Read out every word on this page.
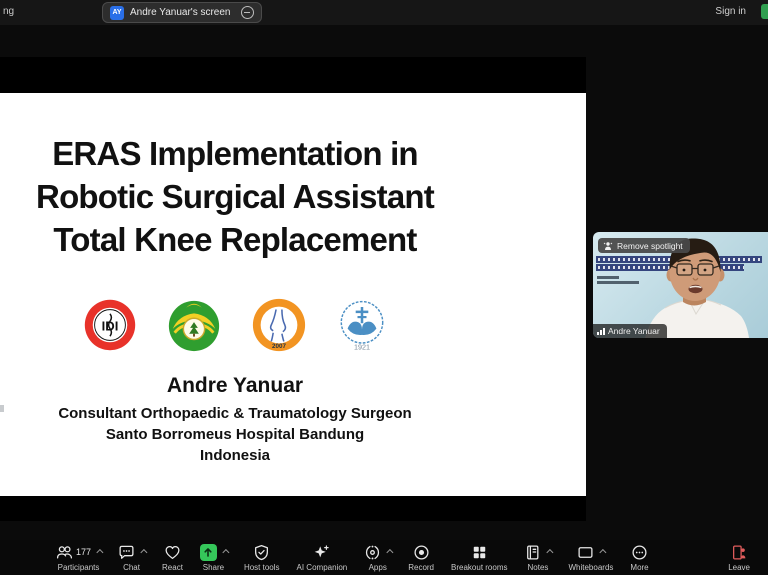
ng	AY Andre Yanuar's screen	Sign in
ERAS Implementation in
Robotic Surgical Assistant
Total Knee Replacement
IDI
2007	1921
Andre Yanuar
Consultant Orthopaedic & Traumatology Surgeon
Santo Borromeus Hospital Bandung
Indonesia
Remove spotlight
Andre Yanuar
177
Participants	Chat	React Share Host tools AI Companion	Apps	Record Breakout rooms	Notes	Whiteboards More	Leave
